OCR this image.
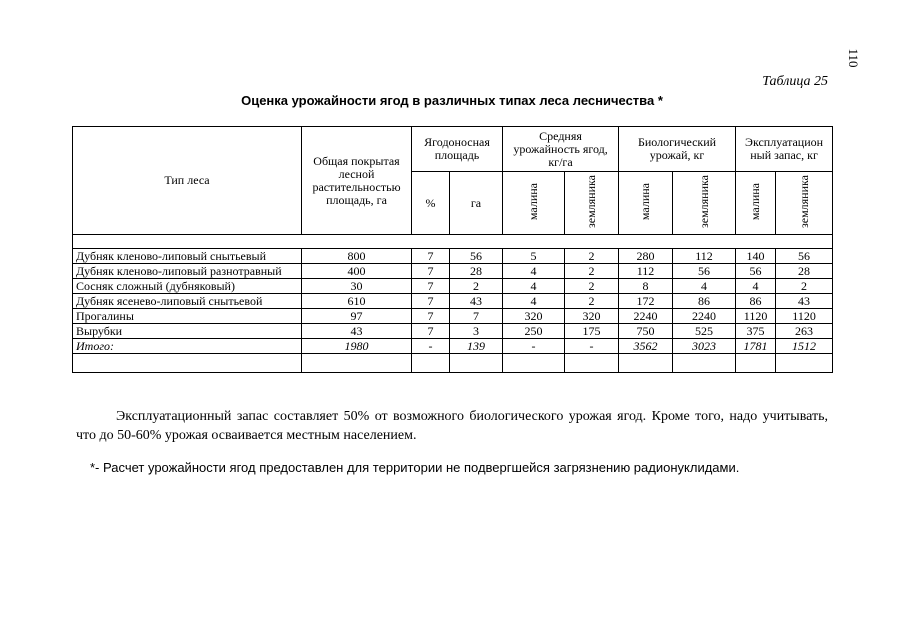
110
Таблица 25
Оценка урожайности ягод в различных типах леса лесничества *
Тип леса	Общая покрытая лесной растительностью площадь, га	Ягодоносная площадь		Средняя урожайность ягод, кг/га		Биологический урожай, кг		Эксплуатацион ный запас, кг	
		%	га	малина	земляника	малина	земляника	малина	земляника

Дубняк кленово-липовый снытьевый	800	7	56	5	2	280	112	140	56
Дубняк кленово-липовый разнотравный	400	7	28	4	2	112	56	56	28
Сосняк сложный (дубняковый)	30	7	2	4	2	8	4	4	2
Дубняк ясенево-липовый снытьевой	610	7	43	4	2	172	86	86	43
Прогалины	97	7	7	320	320	2240	2240	1120	1120
Вырубки	43	7	3	250	175	750	525	375	263
Итого:	1980	-	139	-	-	3562	3023	1781	1512

Эксплуатационный запас составляет 50% от возможного биологического урожая ягод. Кроме того, надо учитывать, что до 50-60% урожая осваивается местным населением.
*- Расчет урожайности ягод предоставлен для территории не подвергшейся загрязнению радионуклидами.
